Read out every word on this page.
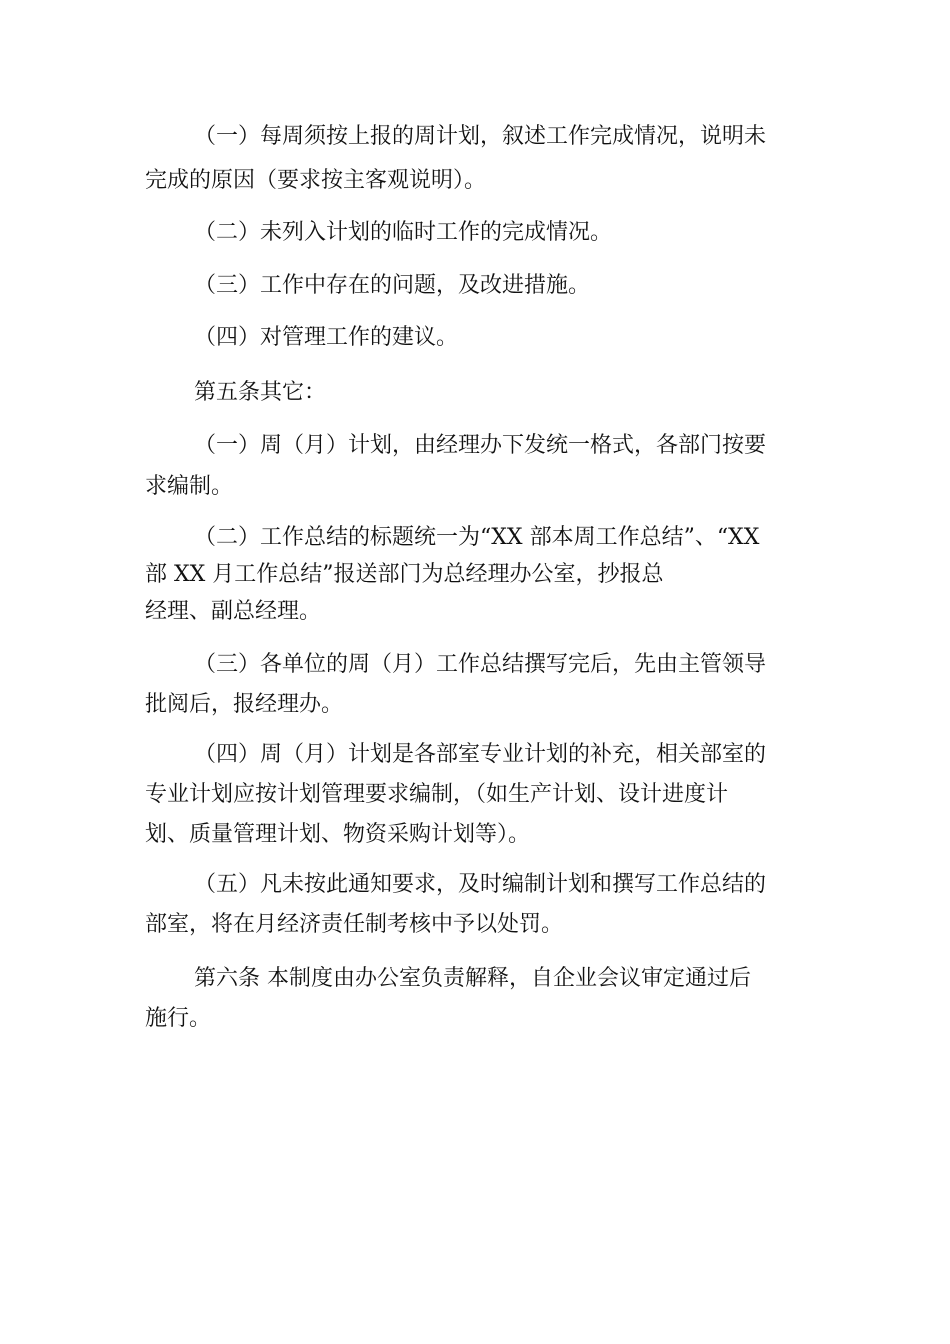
（一）每周须按上报的周计划，叙述工作完成情况，说明未
完成的原因（要求按主客观说明）。
（二）未列入计划的临时工作的完成情况。
（三）工作中存在的问题，及改进措施。
（四）对管理工作的建议。
第五条其它：
（一）周（月）计划，由经理办下发统一格式，各部门按要
求编制。
（二）工作总结的标题统一为“XX 部本周工作总结”、“XX
部 XX 月工作总结”报送部门为总经理办公室，抄报总
经理、副总经理。
（三）各单位的周（月）工作总结撰写完后，先由主管领导
批阅后，报经理办。
（四）周（月）计划是各部室专业计划的补充，相关部室的
专业计划应按计划管理要求编制，（如生产计划、设计进度计
划、质量管理计划、物资采购计划等）。
（五）凡未按此通知要求，及时编制计划和撰写工作总结的
部室，将在月经济责任制考核中予以处罚。
第六条 本制度由办公室负责解释，自企业会议审定通过后
施行。
